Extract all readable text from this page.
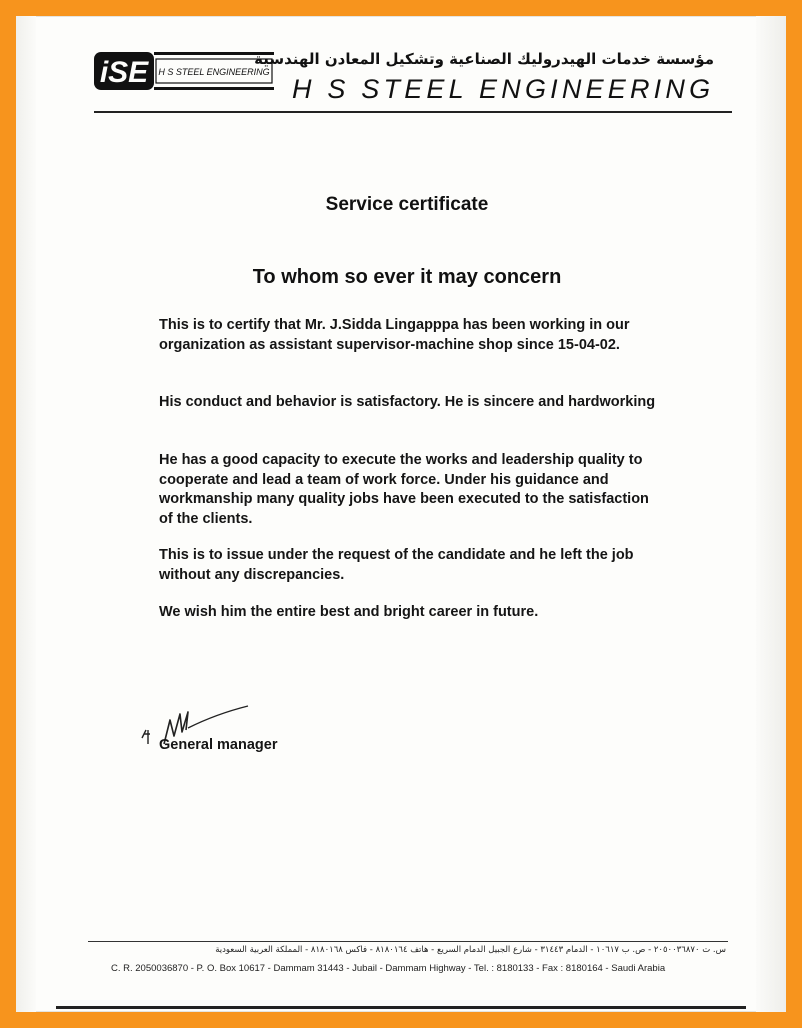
iSE H S STEEL ENGINEERING
مؤسسة خدمات الهيدروليك الصناعية وتشكيل المعادن الهندسية
H S STEEL ENGINEERING
Service certificate
To whom so ever it may concern
This is to certify that Mr. J.Sidda Lingapppa has been working in our organization as assistant supervisor-machine shop since 15-04-02.
His conduct and behavior is satisfactory. He is sincere and hardworking
He has a good capacity to execute the works and leadership quality to cooperate and lead a team of work force. Under his guidance and workmanship many quality jobs have been executed to the satisfaction of the clients.
This is to issue under the request of the candidate and he left the job without any discrepancies.
We wish him the entire best and bright career in future.
General manager
س. ت ٢٠٥٠٠٣٦٨٧٠ - ص. ب ١٠٦١٧ - الدمام ٣١٤٤٣ - شارع الجبيل الدمام السريع - هاتف ٨١٨٠١٦٤ - فاكس ٨١٨٠١٦٨ - المملكة العربية السعودية
C. R. 2050036870 - P. O. Box 10617 - Dammam 31443 - Jubail - Dammam Highway - Tel. : 8180133 - Fax : 8180164 - Saudi Arabia
